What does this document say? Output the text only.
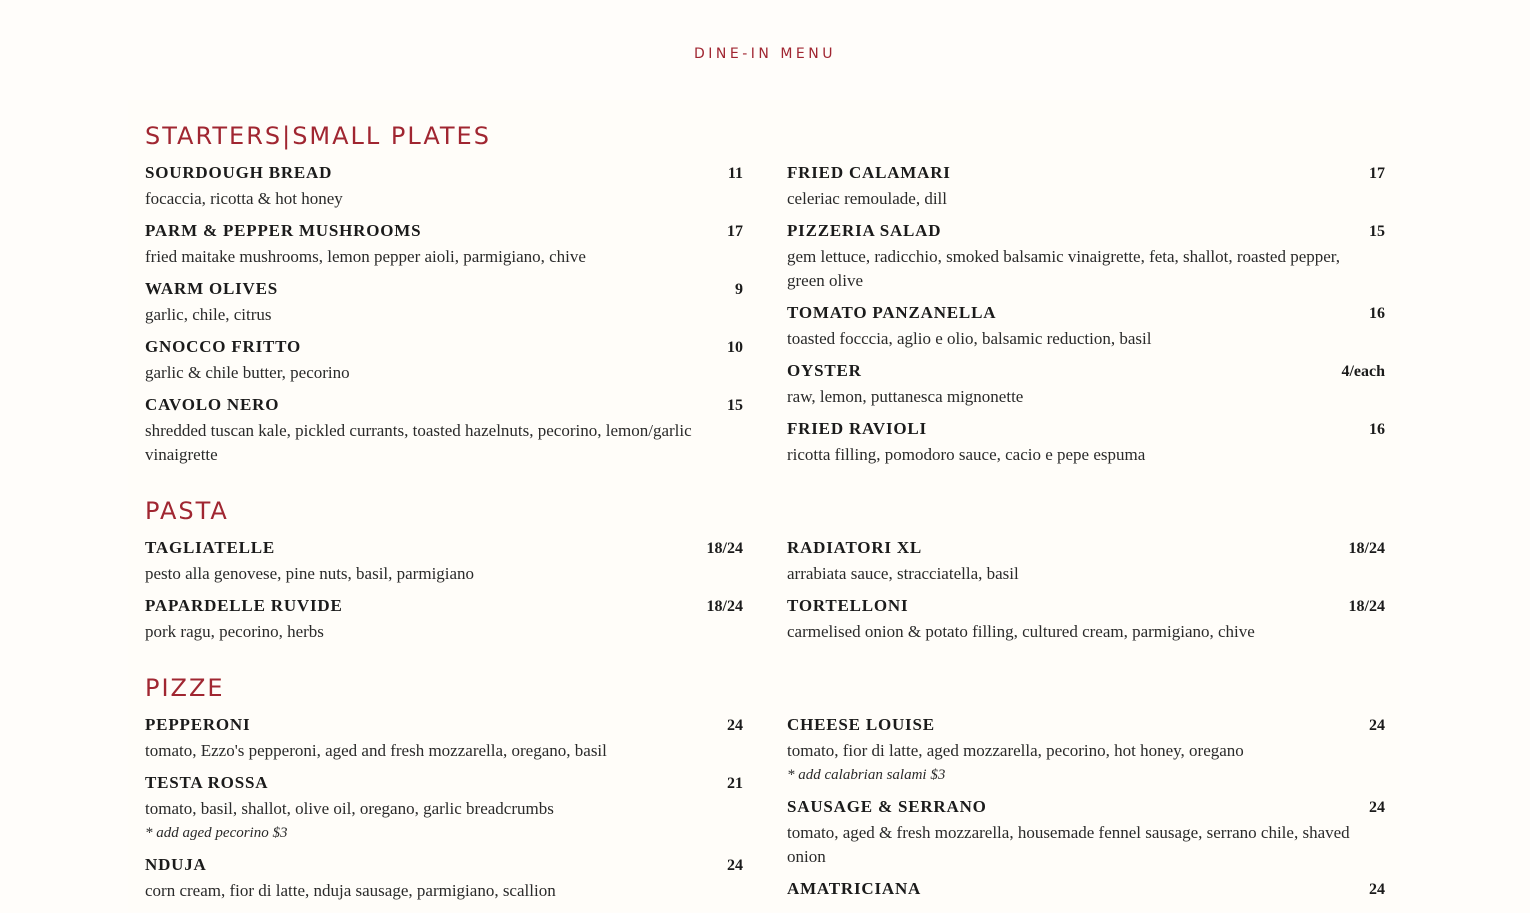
DINE-IN MENU
STARTERS|SMALL PLATES
SOURDOUGH BREAD	11
focaccia, ricotta & hot honey
PARM & PEPPER MUSHROOMS	17
fried maitake mushrooms, lemon pepper aioli, parmigiano, chive
WARM OLIVES	9
garlic, chile, citrus
GNOCCO FRITTO	10
garlic & chile butter, pecorino
CAVOLO NERO	15
shredded tuscan kale, pickled currants, toasted hazelnuts, pecorino, lemon/garlic vinaigrette
FRIED CALAMARI	17
celeriac remoulade, dill
PIZZERIA SALAD	15
gem lettuce, radicchio, smoked balsamic vinaigrette, feta, shallot, roasted pepper, green olive
TOMATO PANZANELLA	16
toasted focccia, aglio e olio, balsamic reduction, basil
OYSTER	4/each
raw, lemon, puttanesca mignonette
FRIED RAVIOLI	16
ricotta filling, pomodoro sauce, cacio e pepe espuma
PASTA
TAGLIATELLE	18/24
pesto alla genovese, pine nuts, basil, parmigiano
PAPARDELLE RUVIDE	18/24
pork ragu, pecorino, herbs
RADIATORI XL	18/24
arrabiata sauce, stracciatella, basil
TORTELLONI	18/24
carmelised onion & potato filling, cultured cream, parmigiano, chive
PIZZE
PEPPERONI	24
tomato, Ezzo's pepperoni, aged and fresh mozzarella, oregano, basil
TESTA ROSSA	21
tomato, basil, shallot, olive oil, oregano, garlic breadcrumbs
* add aged pecorino $3
NDUJA	24
corn cream, fior di latte, nduja sausage, parmigiano, scallion
CHEESE LOUISE	24
tomato, fior di latte, aged mozzarella, pecorino, hot honey, oregano
* add calabrian salami $3
SAUSAGE & SERRANO	24
tomato, aged & fresh mozzarella, housemade fennel sausage, serrano chile, shaved onion
AMATRICIANA	24
